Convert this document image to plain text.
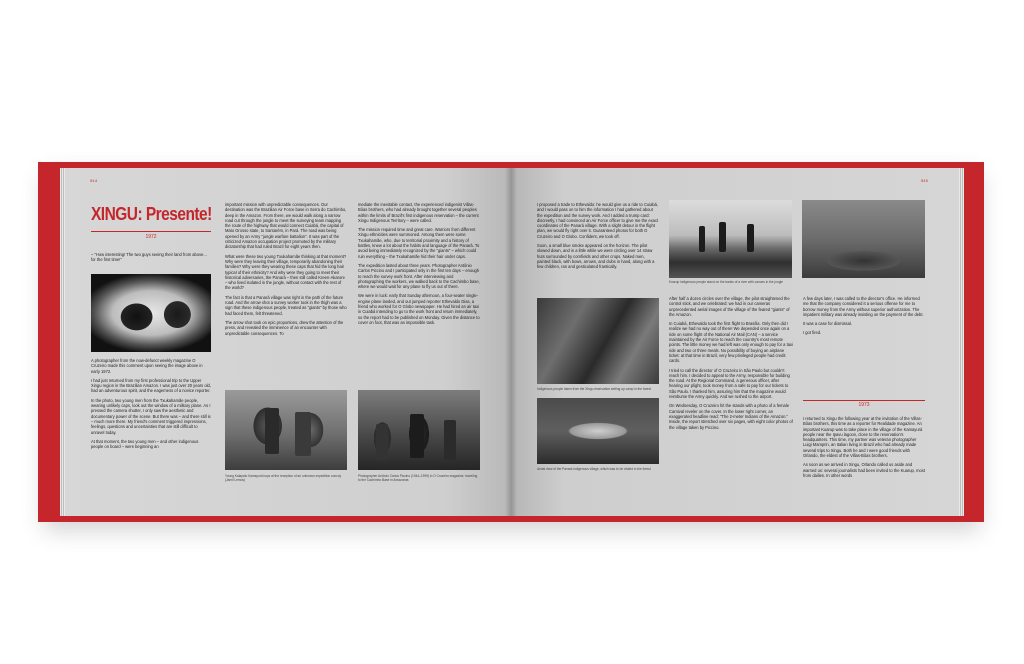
014
XINGU: Presente!
1972

– "How interesting! The two guys seeing their land from above... for the first time!"

A photographer from the now-defunct weekly magazine O Cruzeiro made this comment upon seeing the image above in early 1972.

I had just returned from my first professional trip to the Upper Xingu region in the Brazilian Amazon. I was just over 20 years old, had an adventurous spirit, and the eagerness of a novice reporter.

In the photo, two young men from the Txukahamãe people, wearing unlikely caps, look out the window of a military plane. As I pressed the camera shutter, I only saw the aesthetic and documentary power of the scene. But there was – and there still is – much more there. My friend's comment triggered impressions, feelings, questions and uncertainties that are still difficult to unravel today.

At that moment, the two young men – and other indigenous people on board – were beginning an

important mission with unpredictable consequences. Our destination was the Brazilian Air Force base in Serra do Cachimbo, deep in the Amazon. From there, we would walk along a narrow road cut through the jungle to meet the surveying team mapping the route of the highway that would connect Cuiabá, the capital of Mato Grosso state, to Santarém, in Pará. The road was being opened by an Army "jungle warfare battalion". It was part of the criticized Amazon occupation project promoted by the military dictatorship that had ruled Brazil for eight years then.

What were these two young Txukahamãe thinking at that moment? Why were they leaving their village, temporarily abandoning their families? Why were they wearing these caps that hid the long hair typical of their ethnicity? And why were they going to meet their historical adversaries, the Panará – then still called Kreen-Akarore – who lived isolated in the jungle, without contact with the rest of the world?

The fact is that a Panará village was right in the path of the future road. And the arrow shot a survey worker took in the thigh was a sign that these indigenous people, treated as "giants" by those who had faced them, felt threatened.

The arrow shot took on epic proportions, drew the attention of the press, and revealed the imminence of an encounter with unpredictable consequences. To

mediate the inevitable contact, the experienced indigenist Villas-Bôas brothers, who had already brought together several peoples within the limits of Brazil's first indigenous reservation – the current Xingu Indigenous Territory – were called.

The mission required time and great care. Warriors from different Xingu ethnicities were summoned. Among them were some Txukahamãe, who, due to territorial proximity and a history of battles, knew a lot about the habits and language of the Panará. To avoid being immediately recognized by the "giants" – which could ruin everything – the Txukahamãe hid their hair under caps.

The expedition lasted about three years. Photographer Antônio Carlos Piccino and I participated only in the first ten days – enough to reach the survey work front. After interviewing and photographing the workers, we walked back to the Cachimbo base, where we would wait for any plane to fly us out of there.

We were in luck: early that Sunday afternoon, a four-seater single-engine plane landed, and out jumped reporter Ethevaldo Dias, a friend who worked for O Globo newspaper. He had hired an air taxi in Cuiabá intending to go to the work front and return immediately, so the report had to be published on Monday. Given the distance to cover on foot, that was an impossible task.

Young Kalapalo Kamayurá boys at the reception of an unknown expedition convoy (Jamil Lemos)
Photographer Antônio Carlos Piccino (1944–1999) in O Cruzeiro magazine, traveling to the Cachimbo Base in Amazonas
015

I proposed a trade to Ethevaldo: he would give us a ride to Cuiabá, and I would pass on to him the information I had gathered about the expedition and the survey work. And I added a trump card: discreetly, I had convinced an Air Force officer to give me the exact coordinates of the Panará village. With a slight detour in the flight plan, we would fly right over it. Guaranteed photos for both O Cruzeiro and O Globo. Confident, we took off.

Soon, a small blue smoke appeared on the horizon. The pilot slowed down, and in a little while we were circling over 14 straw huts surrounded by cornfields and other crops. Naked men, painted black, with bows, arrows, and clubs in hand, along with a few children, ran and gesticulated frantically.

Kuarup indigenous people stand on the banks of a river with canoes in the jungle
Indigenous people taken from the Xingu reservation setting up camp in the forest
Aerial view of the Panará indigenous village, which was to be visited in the forest

After half a dozen circles over the village, the pilot straightened the control stick, and we celebrated: we had in our cameras unprecedented aerial images of the village of the feared "giants" of the Amazon.

In Cuiabá, Ethevaldo took the first flight to Brasília. Only then did I realize we had no way out of there! We depended once again on a ride on some flight of the National Air Mail (CAN) – a service maintained by the Air Force to reach the country's most remote points. The little money we had left was only enough to pay for a taxi ride and two or three meals. No possibility of buying an airplane ticket: at that time in Brazil, very few privileged people had credit cards.

I tried to call the director of O Cruzeiro in São Paulo but couldn't reach him. I decided to appeal to the Army, responsible for building the road. At the Regional Command, a generous officer, after hearing our plight, took money from a safe to pay for our tickets to São Paulo. I thanked him, assuring him that the magazine would reimburse the Army quickly. And we rushed to the airport.

On Wednesday, O Cruzeiro hit the stands with a photo of a female Carnival reveler on the cover. In the lower right corner, an exaggerated headline read: "The 2-meter Indians of the Amazon." Inside, the report stretched over six pages, with eight color photos of the village taken by Piccino.

A few days later, I was called to the director's office. He informed me that the company considered it a serious offense for me to borrow money from the Army without superior authorization. The impatient military was already insisting on the payment of the debt.

It was a case for dismissal.

I got fired.

1973

I returned to Xingu the following year at the invitation of the Villas-Bôas brothers, this time as a reporter for Realidade magazine. An important Kuarup was to take place in the village of the Kamayurá people near the Ipavu lagoon, close to the reservation's headquarters. This time, my partner was veteran photographer Luigi Mamprin, an Italian living in Brazil who had already made several trips to Xingu. Both he and I were good friends with Orlando, the eldest of the Villas-Bôas brothers.

As soon as we arrived in Xingu, Orlando called us aside and warned us: several journalists had been invited to the Kuarup, most from dailies. In other words
